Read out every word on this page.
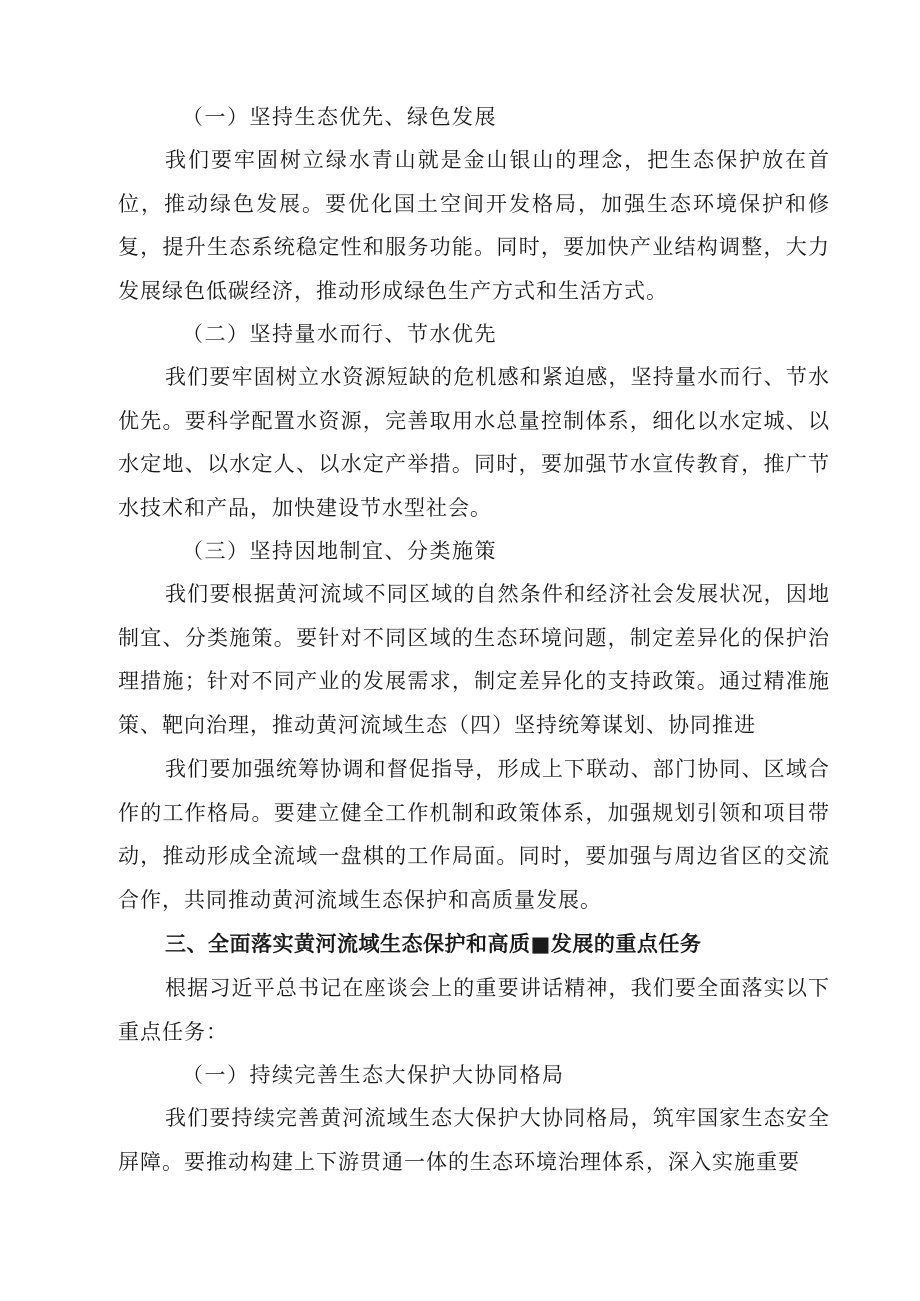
（一）坚持生态优先、绿色发展

我们要牢固树立绿水青山就是金山银山的理念，把生态保护放在首位，推动绿色发展。要优化国土空间开发格局，加强生态环境保护和修复，提升生态系统稳定性和服务功能。同时，要加快产业结构调整，大力发展绿色低碳经济，推动形成绿色生产方式和生活方式。

（二）坚持量水而行、节水优先

我们要牢固树立水资源短缺的危机感和紧迫感，坚持量水而行、节水优先。要科学配置水资源，完善取用水总量控制体系，细化以水定城、以水定地、以水定人、以水定产举措。同时，要加强节水宣传教育，推广节水技术和产品，加快建设节水型社会。

（三）坚持因地制宜、分类施策

我们要根据黄河流域不同区域的自然条件和经济社会发展状况，因地制宜、分类施策。要针对不同区域的生态环境问题，制定差异化的保护治理措施；针对不同产业的发展需求，制定差异化的支持政策。通过精准施策、靶向治理，推动黄河流域生态（四）坚持统筹谋划、协同推进

我们要加强统筹协调和督促指导，形成上下联动、部门协同、区域合作的工作格局。要建立健全工作机制和政策体系，加强规划引领和项目带动，推动形成全流域一盘棋的工作局面。同时，要加强与周边省区的交流合作，共同推动黄河流域生态保护和高质量发展。

三、全面落实黄河流域生态保护和高质■发展的重点任务

根据习近平总书记在座谈会上的重要讲话精神，我们要全面落实以下重点任务：

（一）持续完善生态大保护大协同格局

我们要持续完善黄河流域生态大保护大协同格局，筑牢国家生态安全屏障。要推动构建上下游贯通一体的生态环境治理体系，深入实施重要
